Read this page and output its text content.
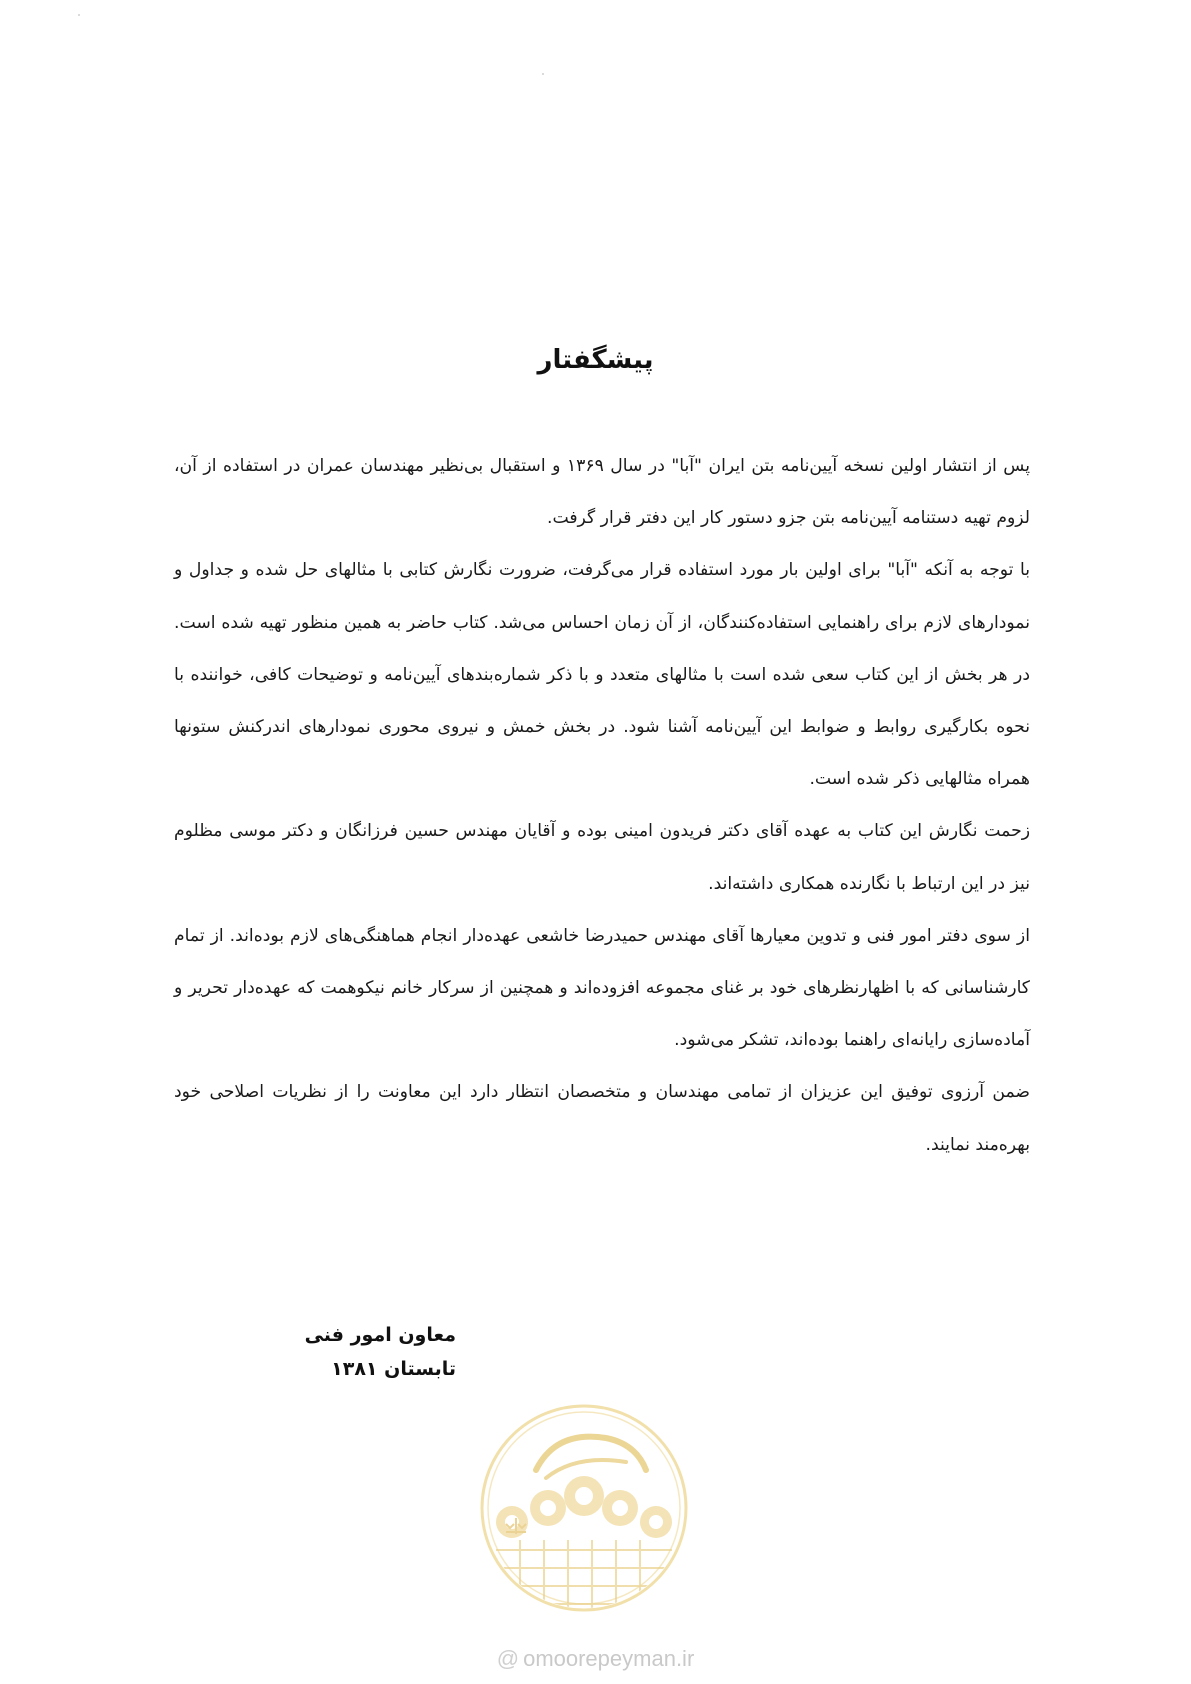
پیشگفتار

پس از انتشار اولین نسخه آیین‌نامه بتن ایران "آبا" در سال ۱۳۶۹ و استقبال بی‌نظیر مهندسان عمران در استفاده از آن، لزوم تهیه دستنامه آیین‌نامه بتن جزو دستور کار این دفتر قرار گرفت.

با توجه به آنکه "آبا" برای اولین بار مورد استفاده قرار می‌گرفت، ضرورت نگارش کتابی با مثالهای حل شده و جداول و نمودارهای لازم برای راهنمایی استفاده‌کنندگان، از آن زمان احساس می‌شد. کتاب حاضر به همین منظور تهیه شده است. در هر بخش از این کتاب سعی شده است با مثالهای متعدد و با ذکر شماره‌بندهای آیین‌نامه و توضیحات کافی، خواننده با نحوه بکارگیری روابط و ضوابط این آیین‌نامه آشنا شود. در بخش خمش و نیروی محوری نمودارهای اندرکنش ستونها همراه مثالهایی ذکر شده است.

زحمت نگارش این کتاب به عهده آقای دکتر فریدون امینی بوده و آقایان مهندس حسین فرزانگان و دکتر موسی مظلوم نیز در این ارتباط با نگارنده همکاری داشته‌اند.

از سوی دفتر امور فنی و تدوین معیارها آقای مهندس حمیدرضا خاشعی عهده‌دار انجام هماهنگی‌های لازم بوده‌اند. از تمام کارشناسانی که با اظهارنظرهای خود بر غنای مجموعه افزوده‌اند و همچنین از سرکار خانم نیکوهمت که عهده‌دار تحریر و آماده‌سازی رایانه‌ای راهنما بوده‌اند، تشکر می‌شود.

ضمن آرزوی توفیق این عزیزان از تمامی مهندسان و متخصصان انتظار دارد این معاونت را از نظریات اصلاحی خود بهره‌مند نمایند.

معاون امور فنی
تابستان ۱۳۸۱
@ omoorepeyman.ir
